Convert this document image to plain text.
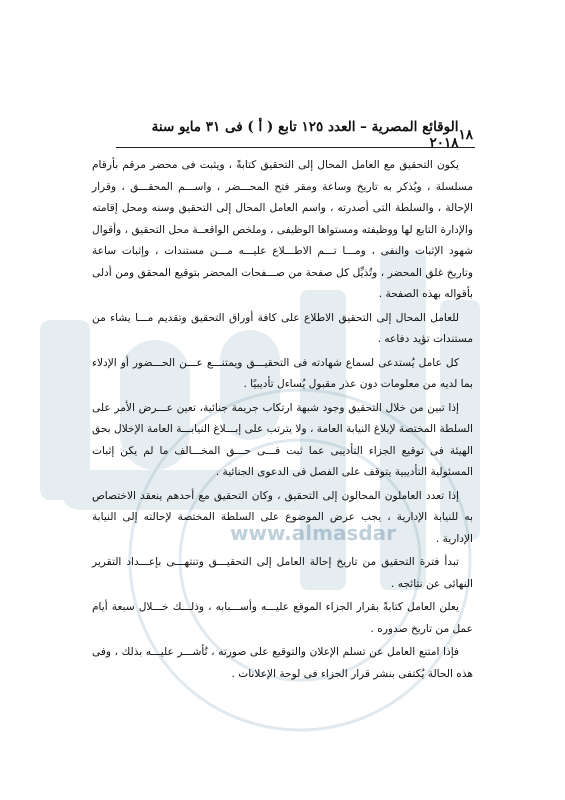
www.almasdar
١٨
الوقائع المصرية – العدد ١٢٥ تابع ( أ ) فى ٣١ مايو سنة ٢٠١٨

يكون التحقيق مع العامل المحال إلى التحقيق كتابةً ، ويثبت فى محضر مرقم بأرقام مسلسلة ، ويُذكر به تاريخ وساعة ومقر فتح المحـــضر ، واســـم المحقـــق ، وقرار الإحالة ، والسلطة التى أصدرته ، واسم العامل المحال إلى التحقيق وسنه ومحل إقامته والإدارة التابع لها ووظيفته ومستواها الوظيفى ، وملخص الواقعــة محل التحقيق ، وأقوال شهود الإثبات والنفى ، ومـــا تـــم الاطـــلاع عليـــه مـــن مستندات ، وإثبات ساعة وتاريخ غلق المحضر ، وتُذيِّل كل صفحة من صـــفحات المحضر بتوقيع المحقق ومن أدلى بأقواله بهذه الصفحة .

للعامل المحال إلى التحقيق الاطلاع على كافة أوراق التحقيق وتقديم مـــا يشاء من مستندات تؤيد دفاعه .

كل عامل يُستدعى لسماع شهادته فى التحقيـــق ويمتنـــع عـــن الحـــضور أو الإدلاء بما لديه من معلومات دون عذر مقبول يُساءل تأديبيًا .

إذا تبين من خلال التحقيق وجود شبهة ارتكاب جريمة جنائية، تعين عـــرض الأمر على السلطة المختصة لإبلاغ النيابة العامة ، ولا يترتب على إبـــلاغ النيابـــة العامة الإخلال بحق الهيئة فى توقيع الجزاء التأديبى عما ثبت فـــى حـــق المخـــالف ما لم يكن إثبات المسئولية التأديبية يتوقف على الفصل فى الدعوى الجنائية .

إذا تعدد العاملون المحالون إلى التحقيق ، وكان التحقيق مع أحدهم ينعقد الاختصاص به للنيابة الإدارية ، يجب عرض الموضوع على السلطة المختصة لإحالته إلى النيابة الإدارية .

تبدأ فترة التحقيق من تاريخ إحالة العامل إلى التحقيـــق وتنتهـــى بإعـــداد التقرير النهائى عن نتائجه .

يعلن العامل كتابةً بقرار الجزاء الموقع عليـــه وأســـبابه ، وذلـــك خـــلال سبعة أيام عمل من تاريخ صدوره .

فإذا امتنع العامل عن تسلم الإعلان والتوقيع على صورته ، تُأشـــر عليـــه بذلك ، وفى هذه الحالة يُكتفى بنشر قرار الجزاء فى لوحة الإعلانات .
